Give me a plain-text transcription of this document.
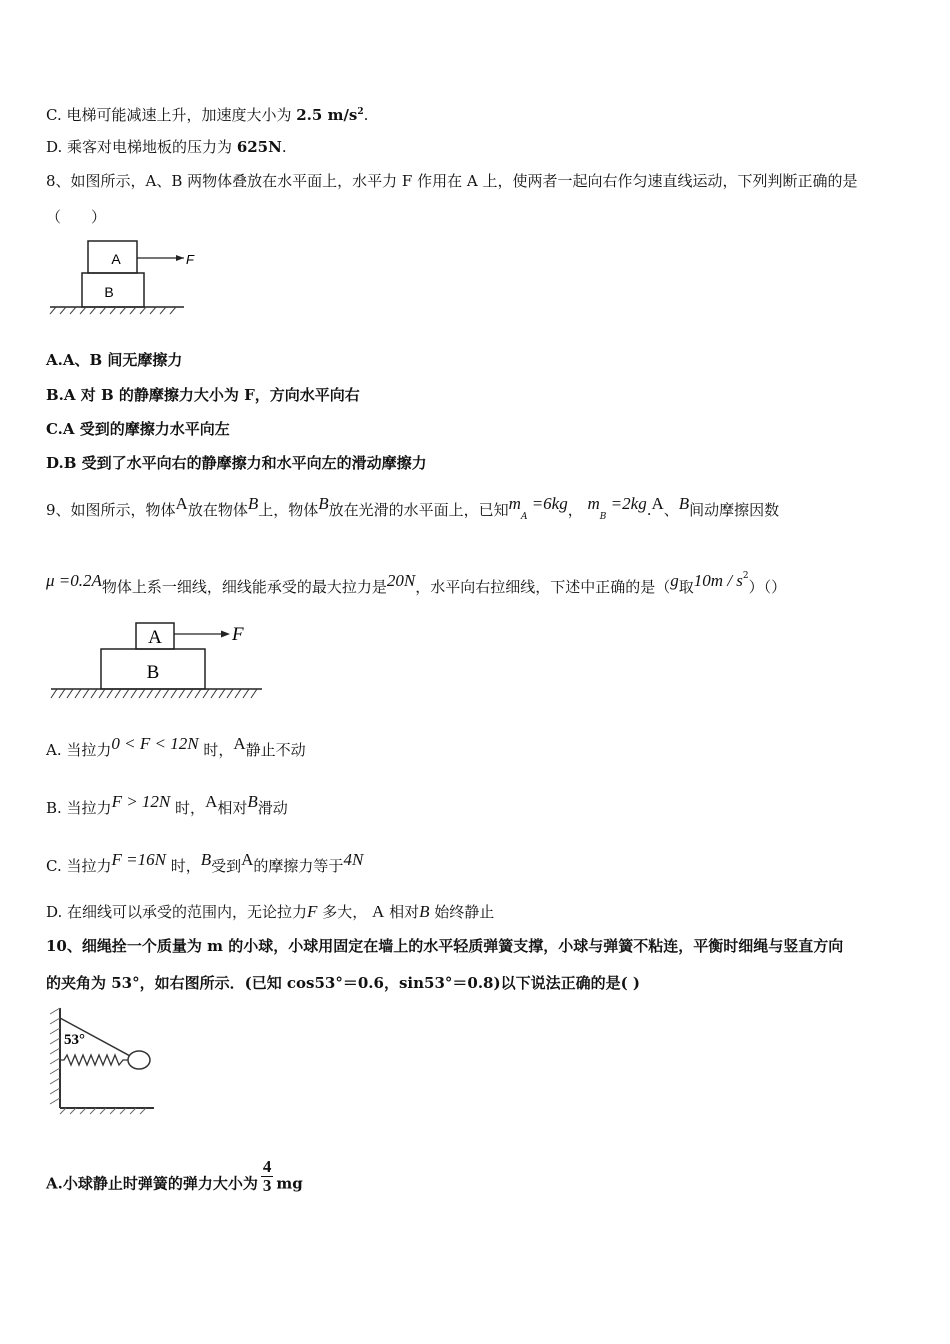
C. 电梯可能减速上升，加速度大小为 2.5 $m/s^2$.
D. 乘客对电梯地板的压力为 625N.
8、如图所示，A、B 两物体叠放在水平面上，水平力 F 作用在 A 上，使两者一起向右作匀速直线运动，下列判断正确的是
（　　）
A
B
F
A.A、B 间无摩擦力
B.A 对 B 的静摩擦力大小为 F，方向水平向右
C.A 受到的摩擦力水平向左
D.B 受到了水平向右的静摩擦力和水平向左的滑动摩擦力
9、如图所示，物体A放在物体B上，物体B放在光滑的水平面上，已知$m_A =6kg$， $m_B =2kg.A$、B间动摩擦因数
μ =0.2A物体上系一细线，细线能承受的最大拉力是20N，水平向右拉细线，下述中正确的是（g取$10m / s^2)()$
A
B
F
A. 当拉力0 < F < 12N 时，A静止不动
B. 当拉力F > 12N 时，A相对B滑动
C. 当拉力F =16N 时，B受到A的摩擦力等于4N
D. 在细线可以承受的范围内，无论拉力F 多大， A 相对B 始终静止
10、细绳拴一个质量为 m 的小球，小球用固定在墙上的水平轻质弹簧支撑，小球与弹簧不粘连，平衡时细绳与竖直方向
的夹角为 53°，如右图所示．(已知 cos53°＝0.6，sin53°＝0.8)以下说法正确的是( )
53°
A.小球静止时弹簧的弹力大小为 $\frac{4}{3}$ mg
